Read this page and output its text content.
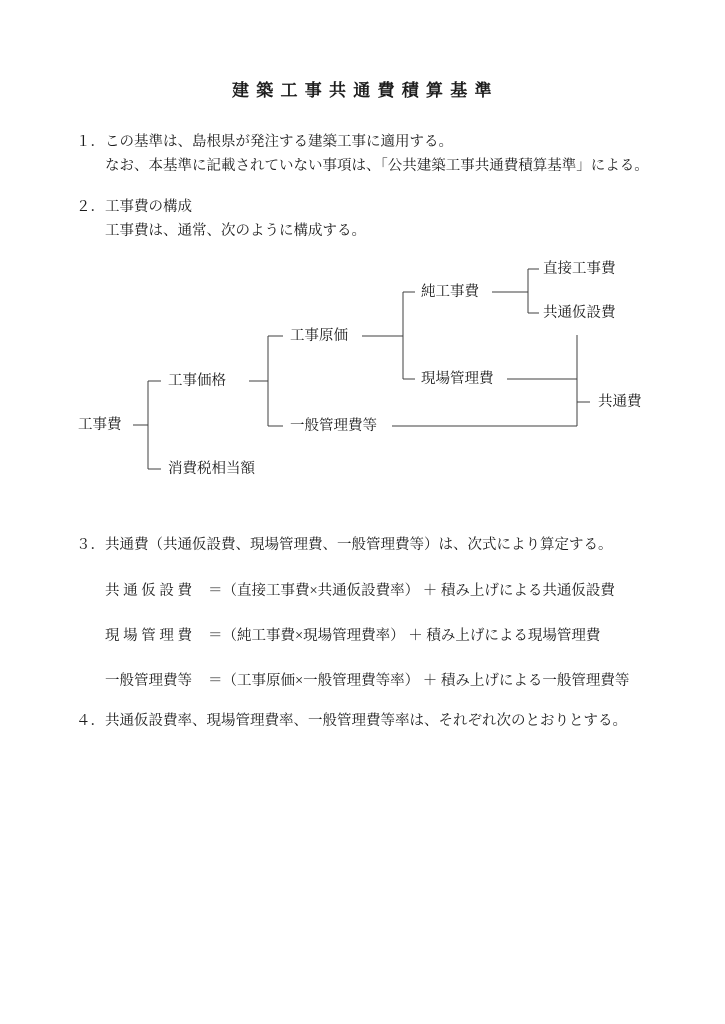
建 築 工 事 共 通 費 積 算 基 準
１．この基準は、島根県が発注する建築工事に適用する。
なお、本基準に記載されていない事項は、「公共建築工事共通費積算基準」による。
２．工事費の構成
工事費は、通常、次のように構成する。
工事費
工事価格
消費税相当額
工事原価
一般管理費等
純工事費
現場管理費
直接工事費
共通仮設費
共通費
３．共通費（共通仮設費、現場管理費、一般管理費等）は、次式により算定する。
共 通 仮 設 費	＝（直接工事費×共通仮設費率） ＋ 積み上げによる共通仮設費
現 場 管 理 費	＝（純工事費×現場管理費率） ＋ 積み上げによる現場管理費
一般管理費等	＝（工事原価×一般管理費等率） ＋ 積み上げによる一般管理費等
４．共通仮設費率、現場管理費率、一般管理費等率は、それぞれ次のとおりとする。
